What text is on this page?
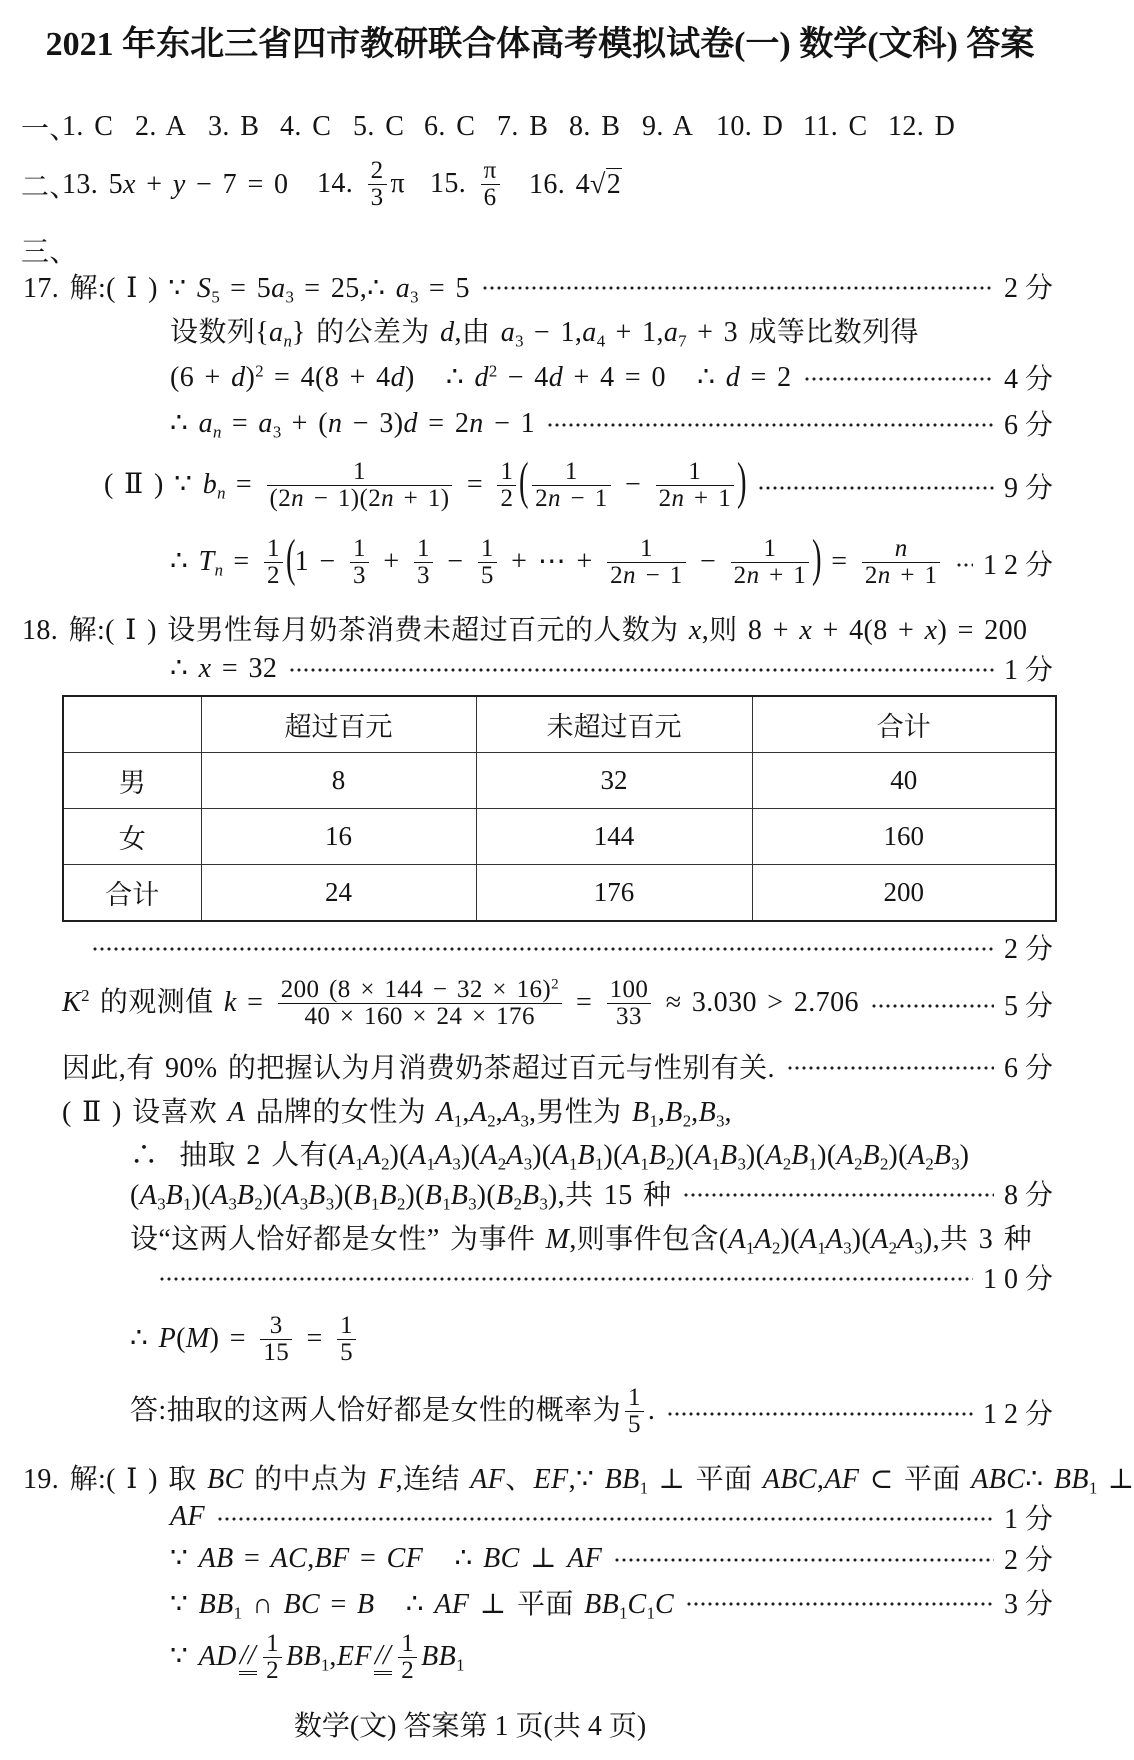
2021 年东北三省四市教研联合体高考模拟试卷(一) 数学(文科) 答案
一、
1. C 2. A 3. B 4. C 5. C 6. C 7. B 8. B 9. A 10. D 11. C 12. D
二、
13. 5x + y − 7 = 0 14. $\frac{2}{3}$ π 15. $\frac{\pi}{6} 16$. 4√2
三、
17. 解:( Ⅰ ) ∵ S5 = 5a3 = 25,∴ a3 = 5	2分
设数列{an} 的公差为 d,由 a3 − 1,a4 + 1,a7 + 3 成等比数列得
$(6 + d)^2 = 4(8 + 4d)$   ∴ $d^2 - 4d + 4 = 0$   ∴ d = 2	4分
∴ an = a3 + (n − 3)d = 2n − 1	6分
( Ⅱ ) ∵ bn = $\frac{1}{(2n - 1)(2n + 1)} = \frac{1}{2}$ ( $\frac{1}{2n - 1} - \frac{1}{2n + 1}$ )	9分
∴ $Tn = \frac{1}{2} (1 - \frac{1}{3} + \frac{1}{3} - \frac{1}{5}$ + ⋯ + $\frac{1}{2n - 1} - \frac{1}{2n + 1}$ ) = $\frac{n}{2n + 1} 12$分
18. 解:( Ⅰ ) 设男性每月奶茶消费未超过百元的人数为 x,则 8 + x + 4(8 + x) = 200
∴ x = 32	1分
	超过百元	未超过百元	合计
男	8	32	40
女	16	144	160
合计	24	176	200
2分
$K^2$ 的观测值 $k = \frac{200 (8 \times 144 - 32 \times 16)^2}{40 \times 160 \times 24 \times 176} = \frac{100}{33} \approx 3.030 > 2.706$	5分
因此,有 90% 的把握认为月消费奶茶超过百元与性别有关.	6分
( Ⅱ ) 设喜欢 A 品牌的女性为 A1,A2,A3,男性为 B1,B2,B3,
∴  抽取 2 人有(A1A2)(A1A3)(A2A3)(A1B1)(A1B2)(A1B3)(A2B1)(A2B2)(A2B3)
(A3B1)(A3B2)(A3B3)(B1B2)(B1B3)(B2B3),共 15 种	8分
设“这两人恰好都是女性” 为事件 M,则事件包含(A1A2)(A1A3)(A2A3),共 3 种
10分
∴ $P(M) = \frac{3}{15} = \frac{1}{5}$
答:抽取的这两人恰好都是女性的概率为 $\frac{1}{5}$ .	12分
19. 解:( Ⅰ ) 取 BC 的中点为 F,连结 AF、EF,∵ BB1 ⊥ 平面 ABC,AF ⊂ 平面 ABC∴ BB1 ⊥
AF	1分
∵ AB = AC,BF = CF   ∴ BC ⊥ AF	2分
∵ BB1 ∩ BC = B   ∴ AF ⊥ 平面 BB1C1C	3分
∵ AD // $\frac{1}{2} BB1,EF // \frac{1}{2} BB1$
数学(文) 答案第 1 页(共 4 页)
